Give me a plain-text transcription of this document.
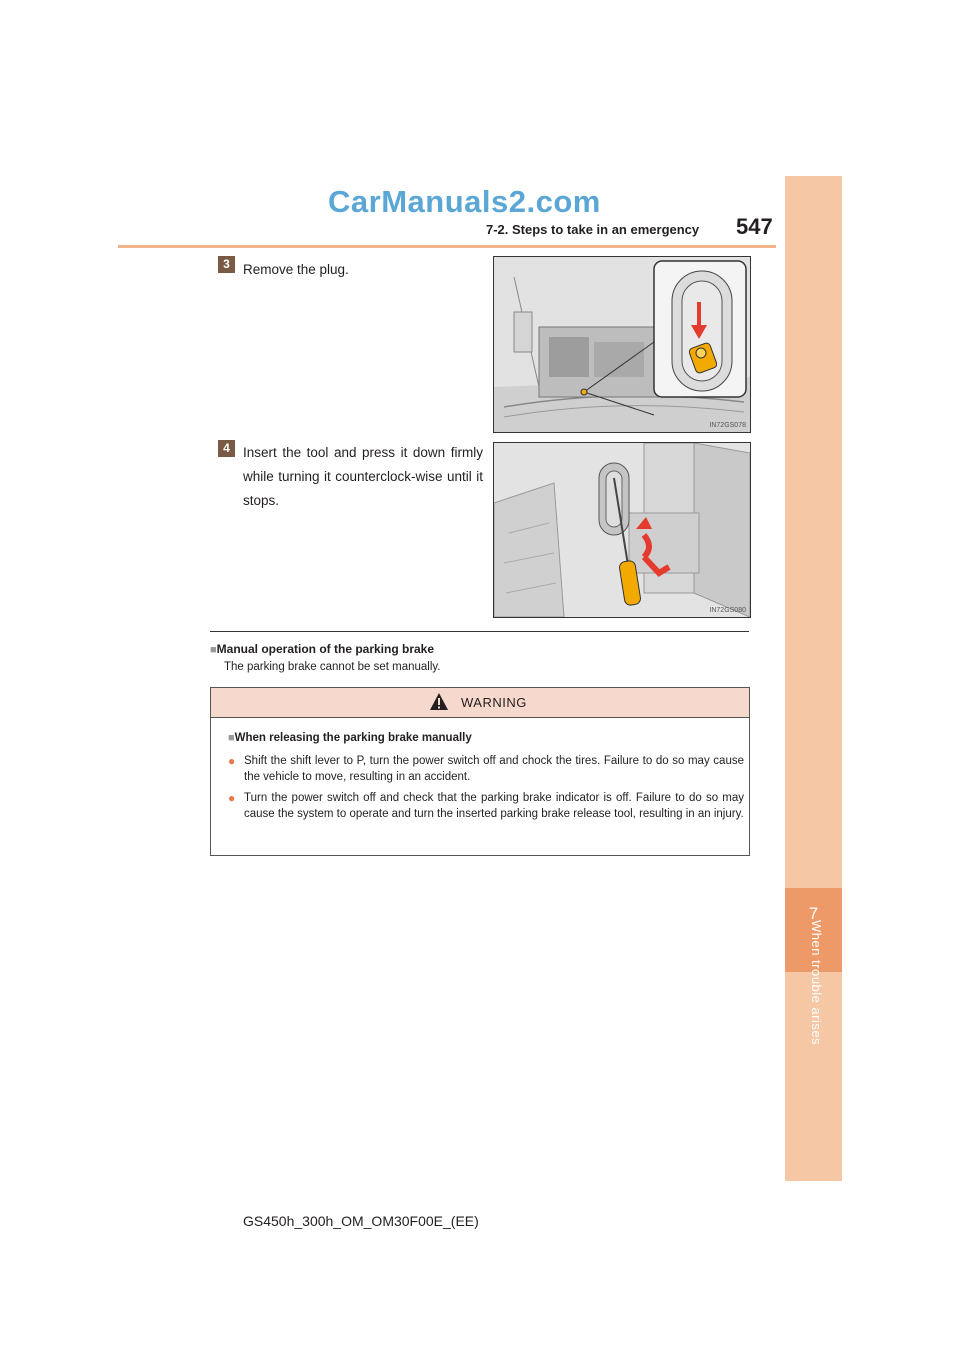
7
When trouble arises
CarManuals2.com
7-2. Steps to take in an emergency 547
3 Remove the plug.
IN72GS078
4 Insert the tool and press it down firmly while turning it counterclock-wise until it stops.
IN72GS080
■Manual operation of the parking brake
The parking brake cannot be set manually.
WARNING
■When releasing the parking brake manually
● Shift the shift lever to P, turn the power switch off and chock the tires. Failure to do so may cause the vehicle to move, resulting in an accident.
● Turn the power switch off and check that the parking brake indicator is off. Failure to do so may cause the system to operate and turn the inserted parking brake release tool, resulting in an injury.
GS450h_300h_OM_OM30F00E_(EE)
